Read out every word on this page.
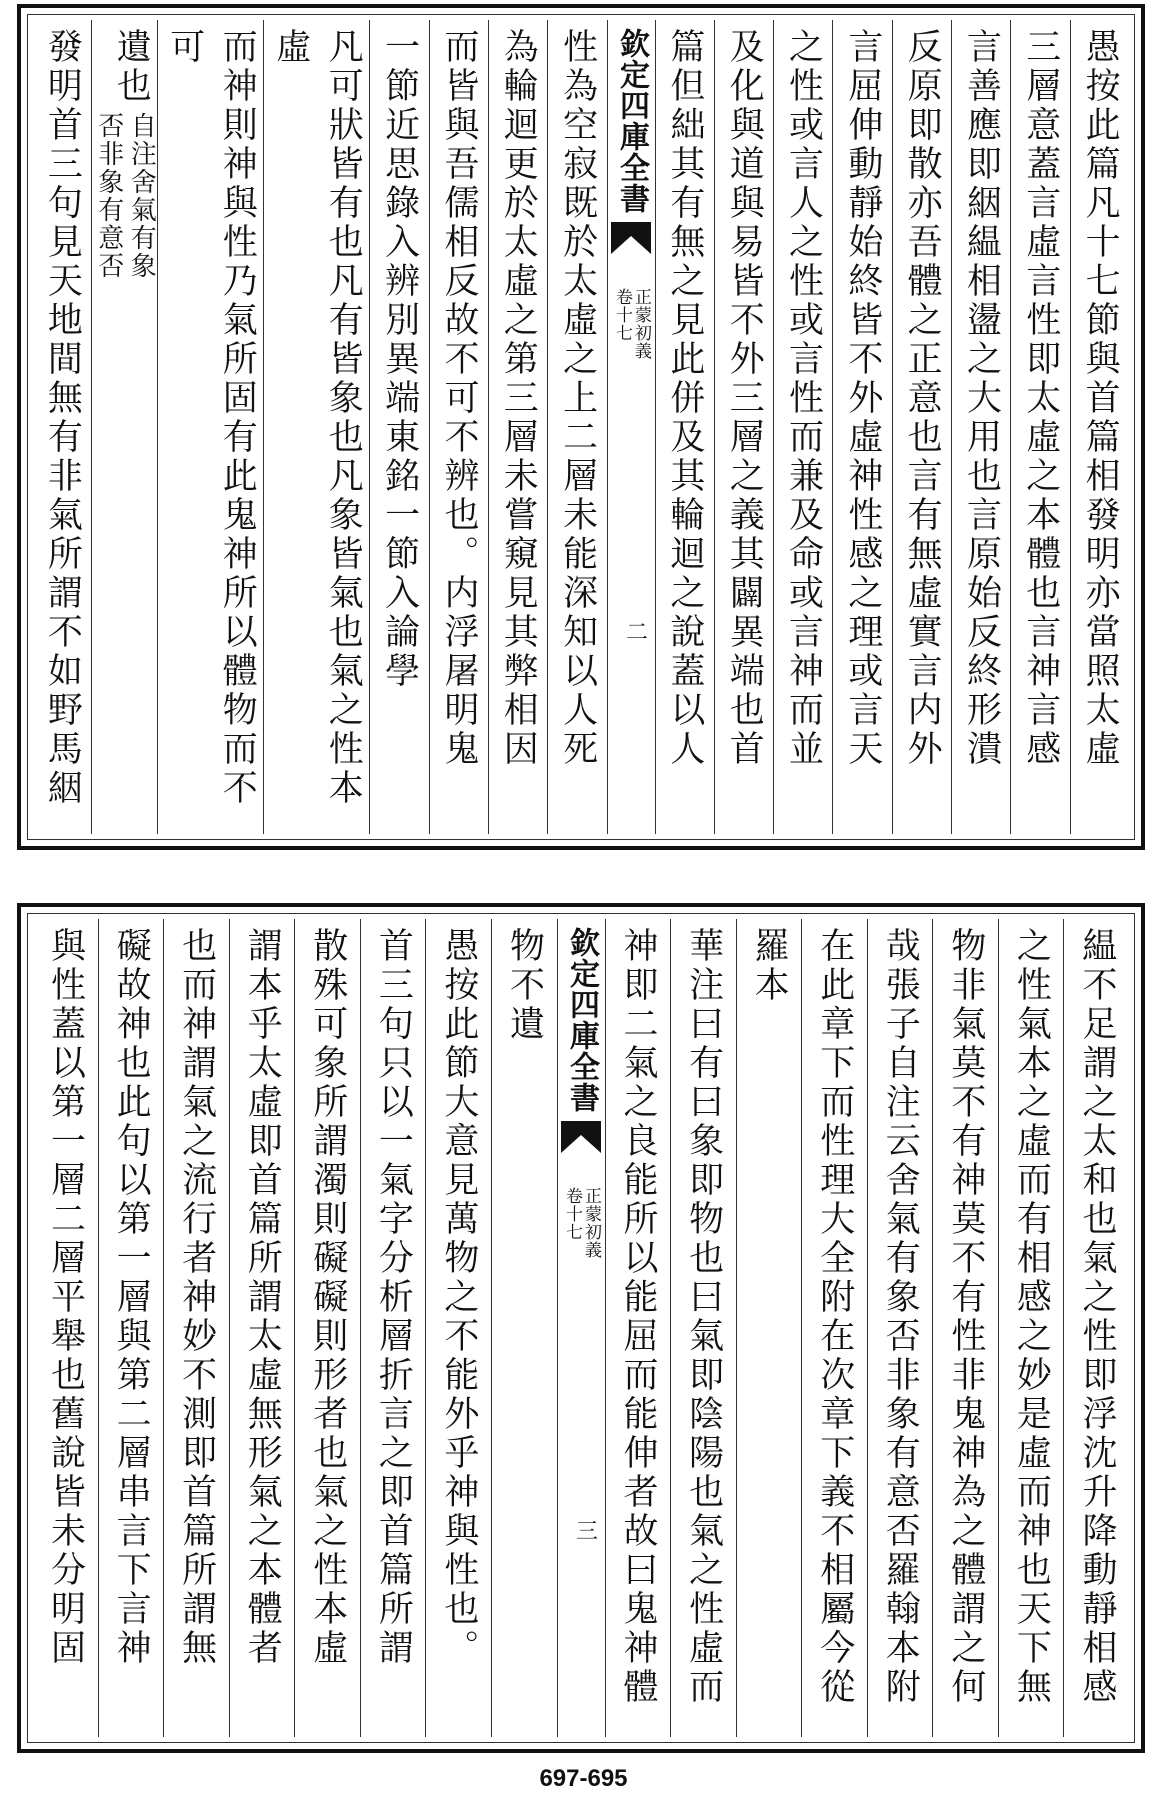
愚按此篇凡十七節與首篇相發明亦當照太虛
三層意蓋言虛言性即太虛之本體也言神言感
言善應即絪緼相盪之大用也言原始反終形潰
反原即散亦吾體之正意也言有無虛實言内外
言屈伸動靜始終皆不外虛神性感之理或言天
之性或言人之性或言性而兼及命或言神而並
及化與道與易皆不外三層之義其闢異端也首
篇但絀其有無之見此併及其輪迴之說蓋以人
欽定四庫全書
正蒙初義
卷十七
二
性為空寂既於太虛之上二層未能深知以人死
為輪迴更於太虛之第三層未嘗窺見其弊相因
而皆與吾儒相反故不可不辨也。内浮屠明鬼
一節近思錄入辨別異端東銘一節入論學
凡可狀皆有也凡有皆象也凡象皆氣也氣之性本虛
而神則神與性乃氣所固有此鬼神所以體物而不可
遺也
自注舍氣有象
否非象有意否
發明首三句見天地間無有非氣所謂不如野馬絪
緼不足謂之太和也氣之性即浮沈升降動靜相感
之性氣本之虛而有相感之妙是虛而神也天下無
物非氣莫不有神莫不有性非鬼神為之體謂之何
哉張子自注云舍氣有象否非象有意否羅翰本附
在此章下而性理大全附在次章下義不相屬今從
羅本
華注曰有曰象即物也曰氣即陰陽也氣之性虛而
神即二氣之良能所以能屈而能伸者故曰鬼神體
欽定四庫全書
正蒙初義
卷十七
三
物不遺
愚按此節大意見萬物之不能外乎神與性也。
首三句只以一氣字分析層折言之即首篇所謂
散殊可象所謂濁則礙礙則形者也氣之性本虛
謂本乎太虛即首篇所謂太虛無形氣之本體者
也而神謂氣之流行者神妙不測即首篇所謂無
礙故神也此句以第一層與第二層串言下言神
與性蓋以第一層二層平舉也舊說皆未分明固
697-695
